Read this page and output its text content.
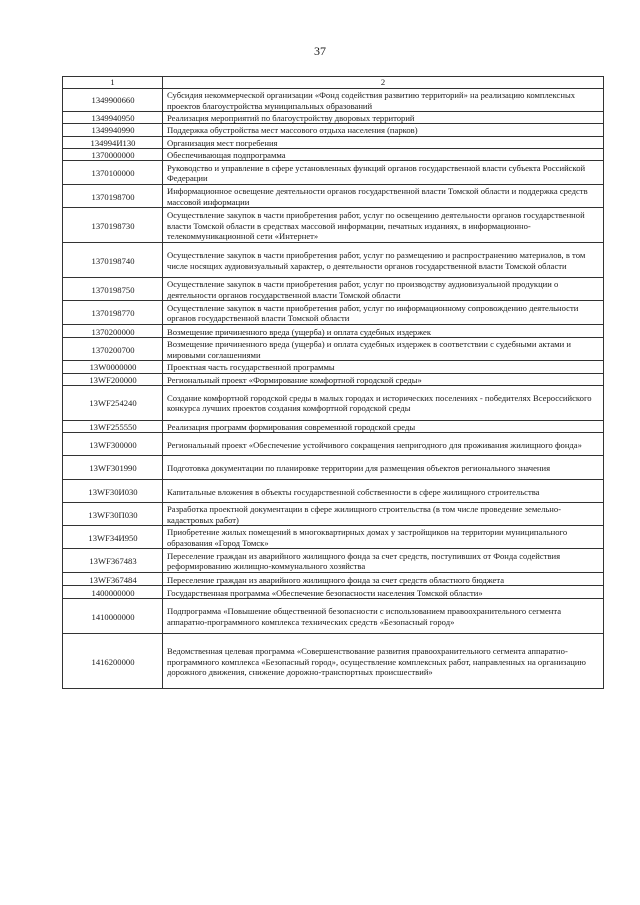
37
1	2
1349900660	Субсидия некоммерческой организации «Фонд содействия развитию территорий» на реализацию комплексных проектов благоустройства муниципальных образований
1349940950	Реализация мероприятий по благоустройству дворовых территорий
1349940990	Поддержка обустройства мест массового отдыха населения (парков)
134994И130	Организация мест погребения
1370000000	Обеспечивающая подпрограмма
1370100000	Руководство и управление в сфере установленных функций органов государственной власти субъекта Российской Федерации
1370198700	Информационное освещение деятельности органов государственной власти Томской области и поддержка средств массовой информации
1370198730	Осуществление закупок в части приобретения работ, услуг по освещению деятельности органов государственной власти Томской области в средствах массовой информации, печатных изданиях, в информационно-телекоммуникационной сети «Интернет»
1370198740	Осуществление закупок в части приобретения работ, услуг по размещению и распространению материалов, в том числе носящих аудиовизуальный характер, о деятельности органов государственной власти Томской области
1370198750	Осуществление закупок в части приобретения работ, услуг по производству аудиовизуальной продукции о деятельности органов государственной власти Томской области
1370198770	Осуществление закупок в части приобретения работ, услуг по информационному сопровождению деятельности органов государственной власти Томской области
1370200000	Возмещение причиненного вреда (ущерба) и оплата судебных издержек
1370200700	Возмещение причиненного вреда (ущерба) и оплата судебных издержек в соответствии с судебными актами и мировыми соглашениями
13W0000000	Проектная часть государственной программы
13WF200000	Региональный проект «Формирование комфортной городской среды»
13WF254240	Создание комфортной городской среды в малых городах и исторических поселениях - победителях Всероссийского конкурса лучших проектов создания комфортной городской среды
13WF255550	Реализация программ формирования современной городской среды
13WF300000	Региональный проект «Обеспечение устойчивого сокращения непригодного для проживания жилищного фонда»
13WF301990	Подготовка документации по планировке территории для размещения объектов регионального значения
13WF30И030	Капитальные вложения в объекты государственной собственности в сфере жилищного строительства
13WF30П030	Разработка проектной документации в сфере жилищного строительства (в том числе проведение земельно-кадастровых работ)
13WF34И950	Приобретение жилых помещений в многоквартирных домах у застройщиков на территории муниципального образования «Город Томск»
13WF367483	Переселение граждан из аварийного жилищного фонда за счет средств, поступивших от Фонда содействия реформированию жилищно-коммунального хозяйства
13WF367484	Переселение граждан из аварийного жилищного фонда за счет средств областного бюджета
1400000000	Государственная программа «Обеспечение безопасности населения Томской области»
1410000000	Подпрограмма «Повышение общественной безопасности с использованием правоохранительного сегмента аппаратно-программного комплекса технических средств «Безопасный город»
1416200000	Ведомственная целевая программа «Совершенствование развития правоохранительного сегмента аппаратно-программного комплекса «Безопасный город», осуществление комплексных работ, направленных на организацию дорожного движения, снижение дорожно-транспортных происшествий»
